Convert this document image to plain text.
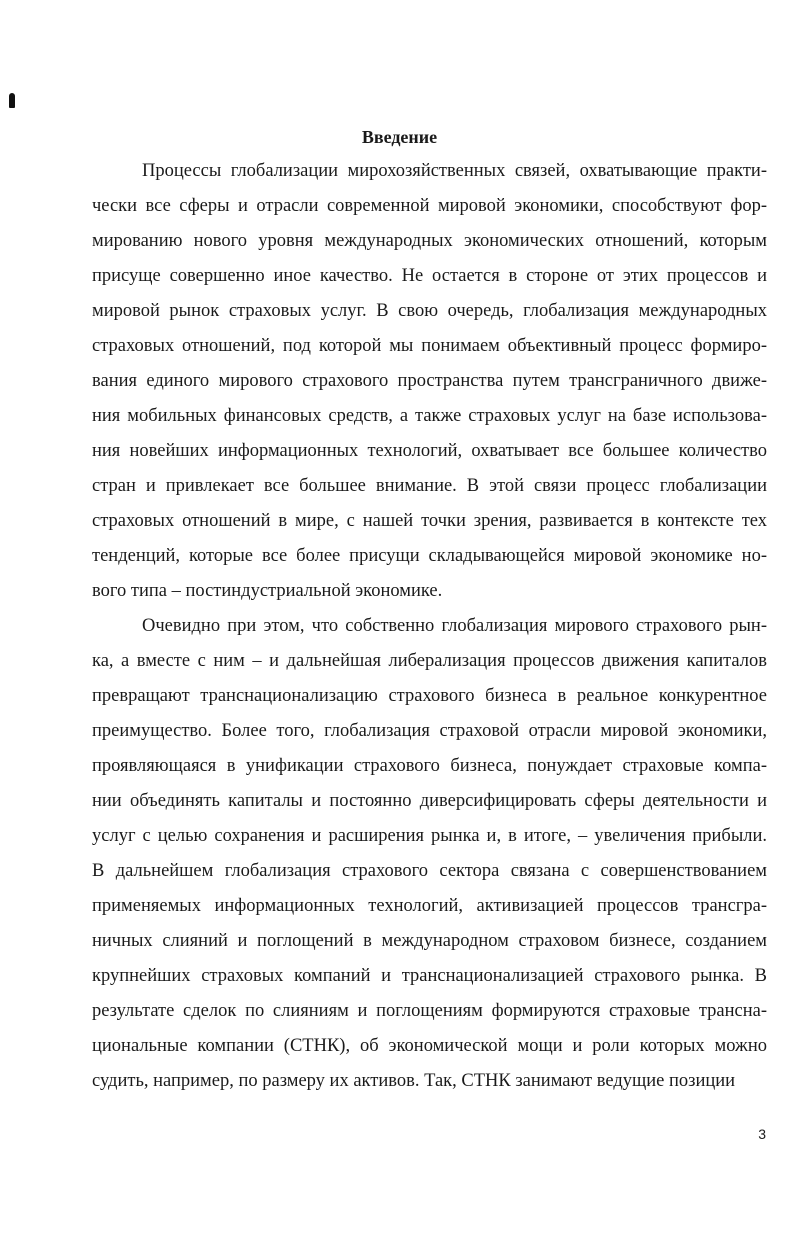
Введение
Процессы глобализации мирохозяйственных связей, охватывающие практи-
чески все сферы и отрасли современной мировой экономики, способствуют фор-
мированию нового уровня международных экономических отношений, которым
присуще совершенно иное качество. Не остается в стороне от этих процессов и
мировой рынок страховых услуг. В свою очередь, глобализация международных
страховых отношений, под которой мы понимаем объективный процесс формиро-
вания единого мирового страхового пространства путем трансграничного движе-
ния мобильных финансовых средств, а также страховых услуг на базе использова-
ния новейших информационных технологий, охватывает все большее количество
стран и привлекает все большее внимание. В этой связи процесс глобализации
страховых отношений в мире, с нашей точки зрения, развивается в контексте тех
тенденций, которые все более присущи складывающейся мировой экономике но-
вого типа – постиндустриальной экономике.
Очевидно при этом, что собственно глобализация мирового страхового рын-
ка, а вместе с ним – и дальнейшая либерализация процессов движения капиталов
превращают транснационализацию страхового бизнеса в реальное конкурентное
преимущество. Более того, глобализация страховой отрасли мировой экономики,
проявляющаяся в унификации страхового бизнеса, понуждает страховые компа-
нии объединять капиталы и постоянно диверсифицировать сферы деятельности и
услуг с целью сохранения и расширения рынка и, в итоге, – увеличения прибыли.
В дальнейшем глобализация страхового сектора связана с совершенствованием
применяемых информационных технологий, активизацией процессов трансгра-
ничных слияний и поглощений в международном страховом бизнесе, созданием
крупнейших страховых компаний и транснационализацией страхового рынка. В
результате сделок по слияниям и поглощениям формируются страховые трансна-
циональные компании (СТНК), об экономической мощи и роли которых можно
судить, например, по размеру их активов. Так, СТНК занимают ведущие позиции
3
